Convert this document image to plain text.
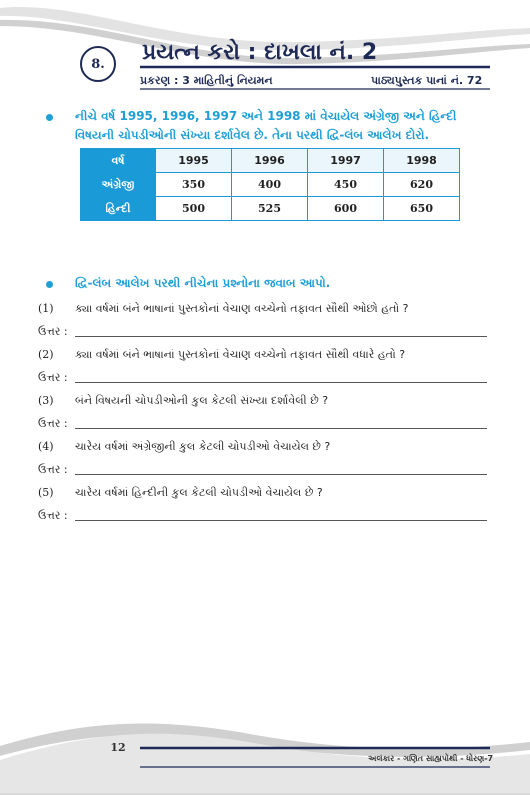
8.	પ્રયત્ન કરો : દાખલા નં. 2
પ્રકરણ : 3 માહિતીનું નિયમન	પાઠ્યપુસ્તક પાનાં નં. 72
નીચે વર્ષ 1995, 1996, 1997 અને 1998 માં વેચાયેલ અંગ્રેજી અને હિન્દી વિષયની ચોપડીઓની સંખ્યા દર્શાવેલ છે. તેના પરથી દ્વિ-લંબ આલેખ દોરો.
વર્ષ	1995	1996	1997	1998
અંગ્રેજી	350	400	450	620
હિન્દી	500	525	600	650
દ્વિ-લંબ આલેખ પરથી નીચેના પ્રશ્નોના જવાબ આપો.
(1) ક્યા વર્ષમાં બંને ભાષાનાં પુસ્તકોનાં વેચાણ વચ્ચેનો તફાવત સૌથી ઓછો હતો ?
ઉત્તર :
(2) ક્યા વર્ષમાં બંને ભાષાનાં પુસ્તકોનાં વેચાણ વચ્ચેનો તફાવત સૌથી વધારે હતો ?
ઉત્તર :
(3) બંને વિષયની ચોપડીઓની કુલ કેટલી સંખ્યા દર્શાવેલી છે ?
ઉત્તર :
(4) ચારેય વર્ષમાં અંગ્રેજીની કુલ કેટલી ચોપડીઓ વેચાયેલ છે ?
ઉત્તર :
(5) ચારેય વર્ષમાં હિન્દીની કુલ કેટલી ચોપડીઓ વેચાયેલ છે ?
ઉત્તર :
12
અલંકાર - ગણિત સાહ્યપોથી - ધોરણ-7
